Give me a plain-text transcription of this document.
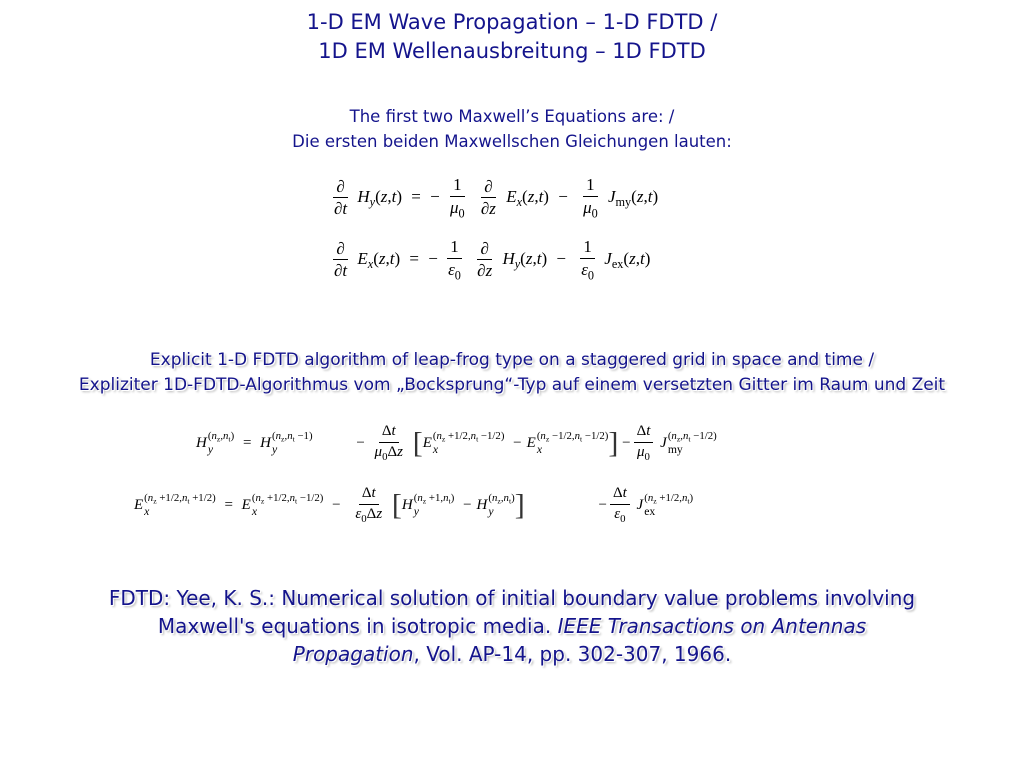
1-D EM Wave Propagation – 1-D FDTD /
1D EM Wellenausbreitung – 1D FDTD
The first two Maxwell’s Equations are: /
Die ersten beiden Maxwellschen Gleichungen lauten:
$\frac{\partial}{\partial t} H_y(z,t)$ = − $\frac{1}{\mu_0}$
$\frac{\partial}{\partial z} E_x(z,t) - \frac{1}{\mu_0} J_{my}(z,t)$
$\frac{\partial}{\partial t} E_x(z,t)$ = − $\frac{1}{\varepsilon_0}$
$\frac{\partial}{\partial z} H_y(z,t) - \frac{1}{\varepsilon_0} J_{ex}(z,t)$
Explicit 1-D FDTD algorithm of leap-frog type on a staggered grid in space and time /
Expliziter 1D-FDTD-Algorithmus vom „Bocksprung“-Typ auf einem versetzten Gitter im Raum und Zeit
H $(n_z,n_t)$
y	= H $(n_z,n_t -1)$
y	− $\frac{\Delta t}{\mu_0\Delta z} [E$ $(n_z +1/2,n_t -1/2)$
x	− E $(n_z -1/2,n_t -1/2)$
x	] − $\frac{\Delta t}{\mu_0}$ J $(n_z,n_t -1/2)$
my
E $(n_z +1/2,n_t +1/2)$
x	= E $(n_z +1/2,n_t -1/2)$
x	− $\frac{\Delta t}{\varepsilon_0\Delta z} [H$ $(n_z +1,n_t)$
y	− H $(n_z,n_t)$
y ]	− $\frac{\Delta t}{\varepsilon_0}$ J $(n_z +1/2,n_t)$
ex
FDTD: Yee, K. S.: Numerical solution of initial boundary value problems involving Maxwell's equations in isotropic media. IEEE Transactions on Antennas Propagation, Vol. AP-14, pp. 302-307, 1966.
